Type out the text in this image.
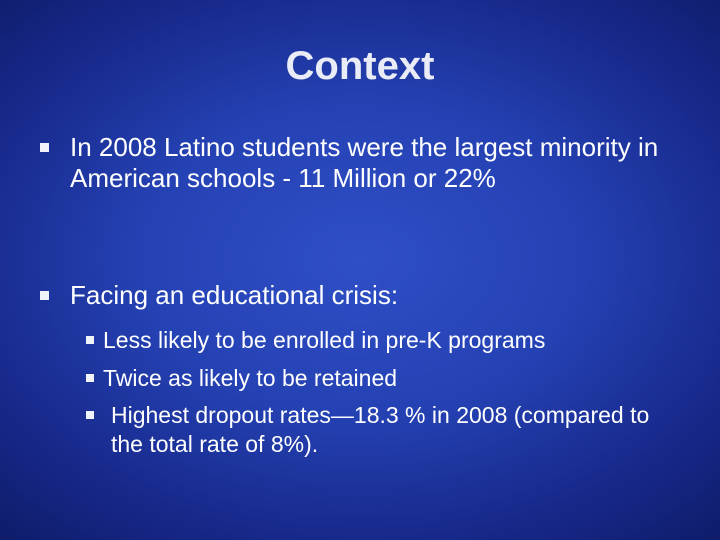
Context
In 2008 Latino students were the largest minority in American schools - 11 Million or 22%
Facing an educational crisis:
Less likely to be enrolled in pre-K programs
Twice as likely to be retained
Highest dropout rates—18.3 % in 2008 (compared to the total rate of 8%).
